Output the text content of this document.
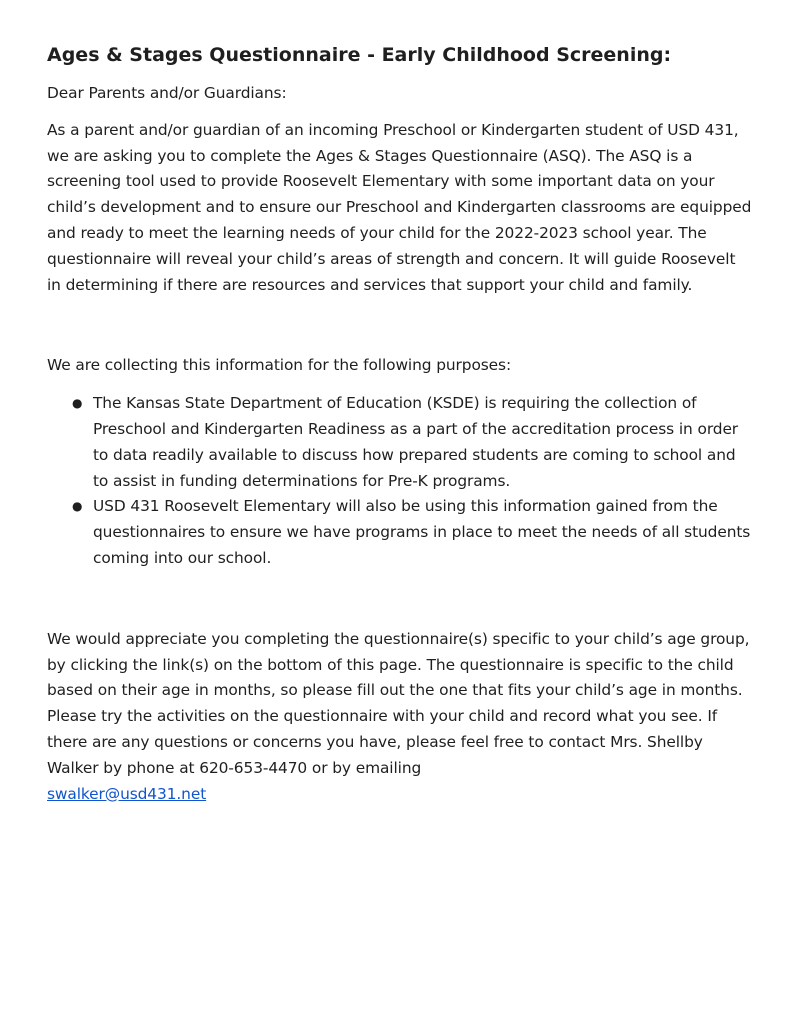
Ages & Stages Questionnaire - Early Childhood Screening:

Dear Parents and/or Guardians:

As a parent and/or guardian of an incoming Preschool or Kindergarten student of USD 431, we are asking you to complete the Ages & Stages Questionnaire (ASQ). The ASQ is a screening tool used to provide Roosevelt Elementary with some important data on your child’s development and to ensure our Preschool and Kindergarten classrooms are equipped and ready to meet the learning needs of your child for the 2022-2023 school year. The questionnaire will reveal your child’s areas of strength and concern. It will guide Roosevelt in determining if there are resources and services that support your child and family.

We are collecting this information for the following purposes:

● The Kansas State Department of Education (KSDE) is requiring the collection of Preschool and Kindergarten Readiness as a part of the accreditation process in order to data readily available to discuss how prepared students are coming to school and to assist in funding determinations for Pre-K programs.
● USD 431 Roosevelt Elementary will also be using this information gained from the questionnaires to ensure we have programs in place to meet the needs of all students coming into our school.

We would appreciate you completing the questionnaire(s) specific to your child’s age group, by clicking the link(s) on the bottom of this page. The questionnaire is specific to the child based on their age in months, so please fill out the one that fits your child’s age in months. Please try the activities on the questionnaire with your child and record what you see. If there are any questions or concerns you have, please feel free to contact Mrs. Shellby Walker by phone at 620-653-4470 or by emailing
swalker@usd431.net
